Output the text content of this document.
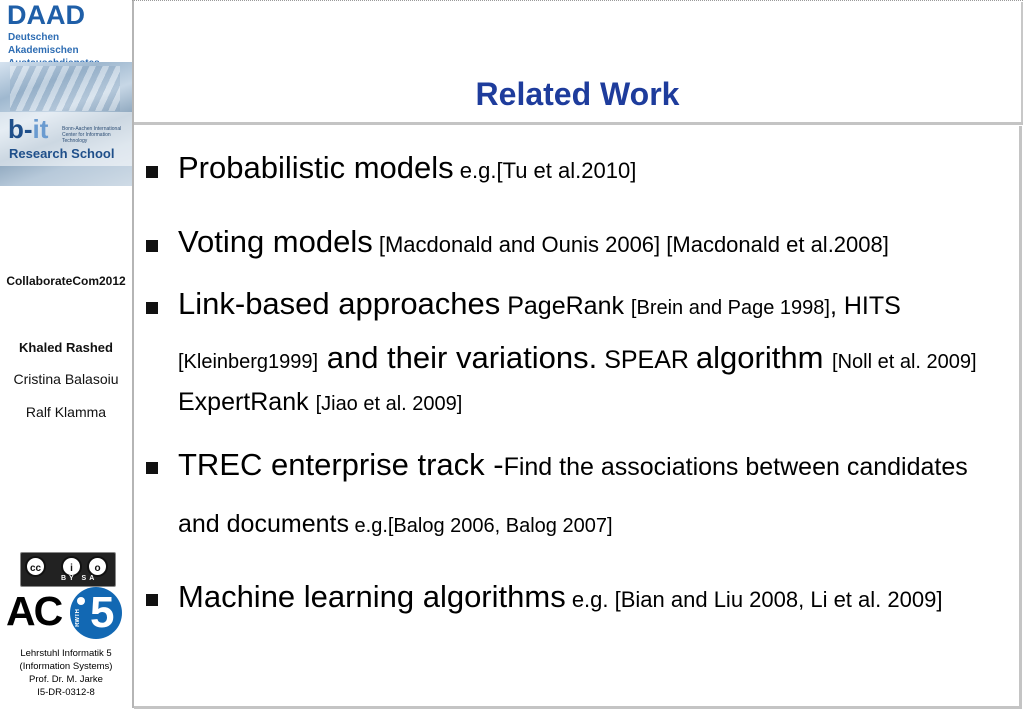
DAAD
Deutschen Akademischen
b-it	Bonn-Aachen International Center for Information Technology
Research School
CollaborateCom2012
Khaled Rashed
Cristina Balasoiu
Ralf Klamma
cc	i	o
BY SA
AC RWTH 5
Lehrstuhl Informatik 5
(Information Systems)
Prof. Dr. M. Jarke
I5-DR-0312-8
Related Work
Probabilistic models e.g.[Tu et al.2010]
Voting models [Macdonald and Ounis 2006] [Macdonald et al.2008]
Link-based approaches PageRank [Brein and Page 1998], HITS
[Kleinberg1999] and their variations. SPEAR algorithm [Noll et al. 2009]
ExpertRank [Jiao et al. 2009]
TREC enterprise track -Find the associations between candidates
and documents e.g.[Balog 2006, Balog 2007]
Machine learning algorithms e.g. [Bian and Liu 2008, Li et al. 2009]
